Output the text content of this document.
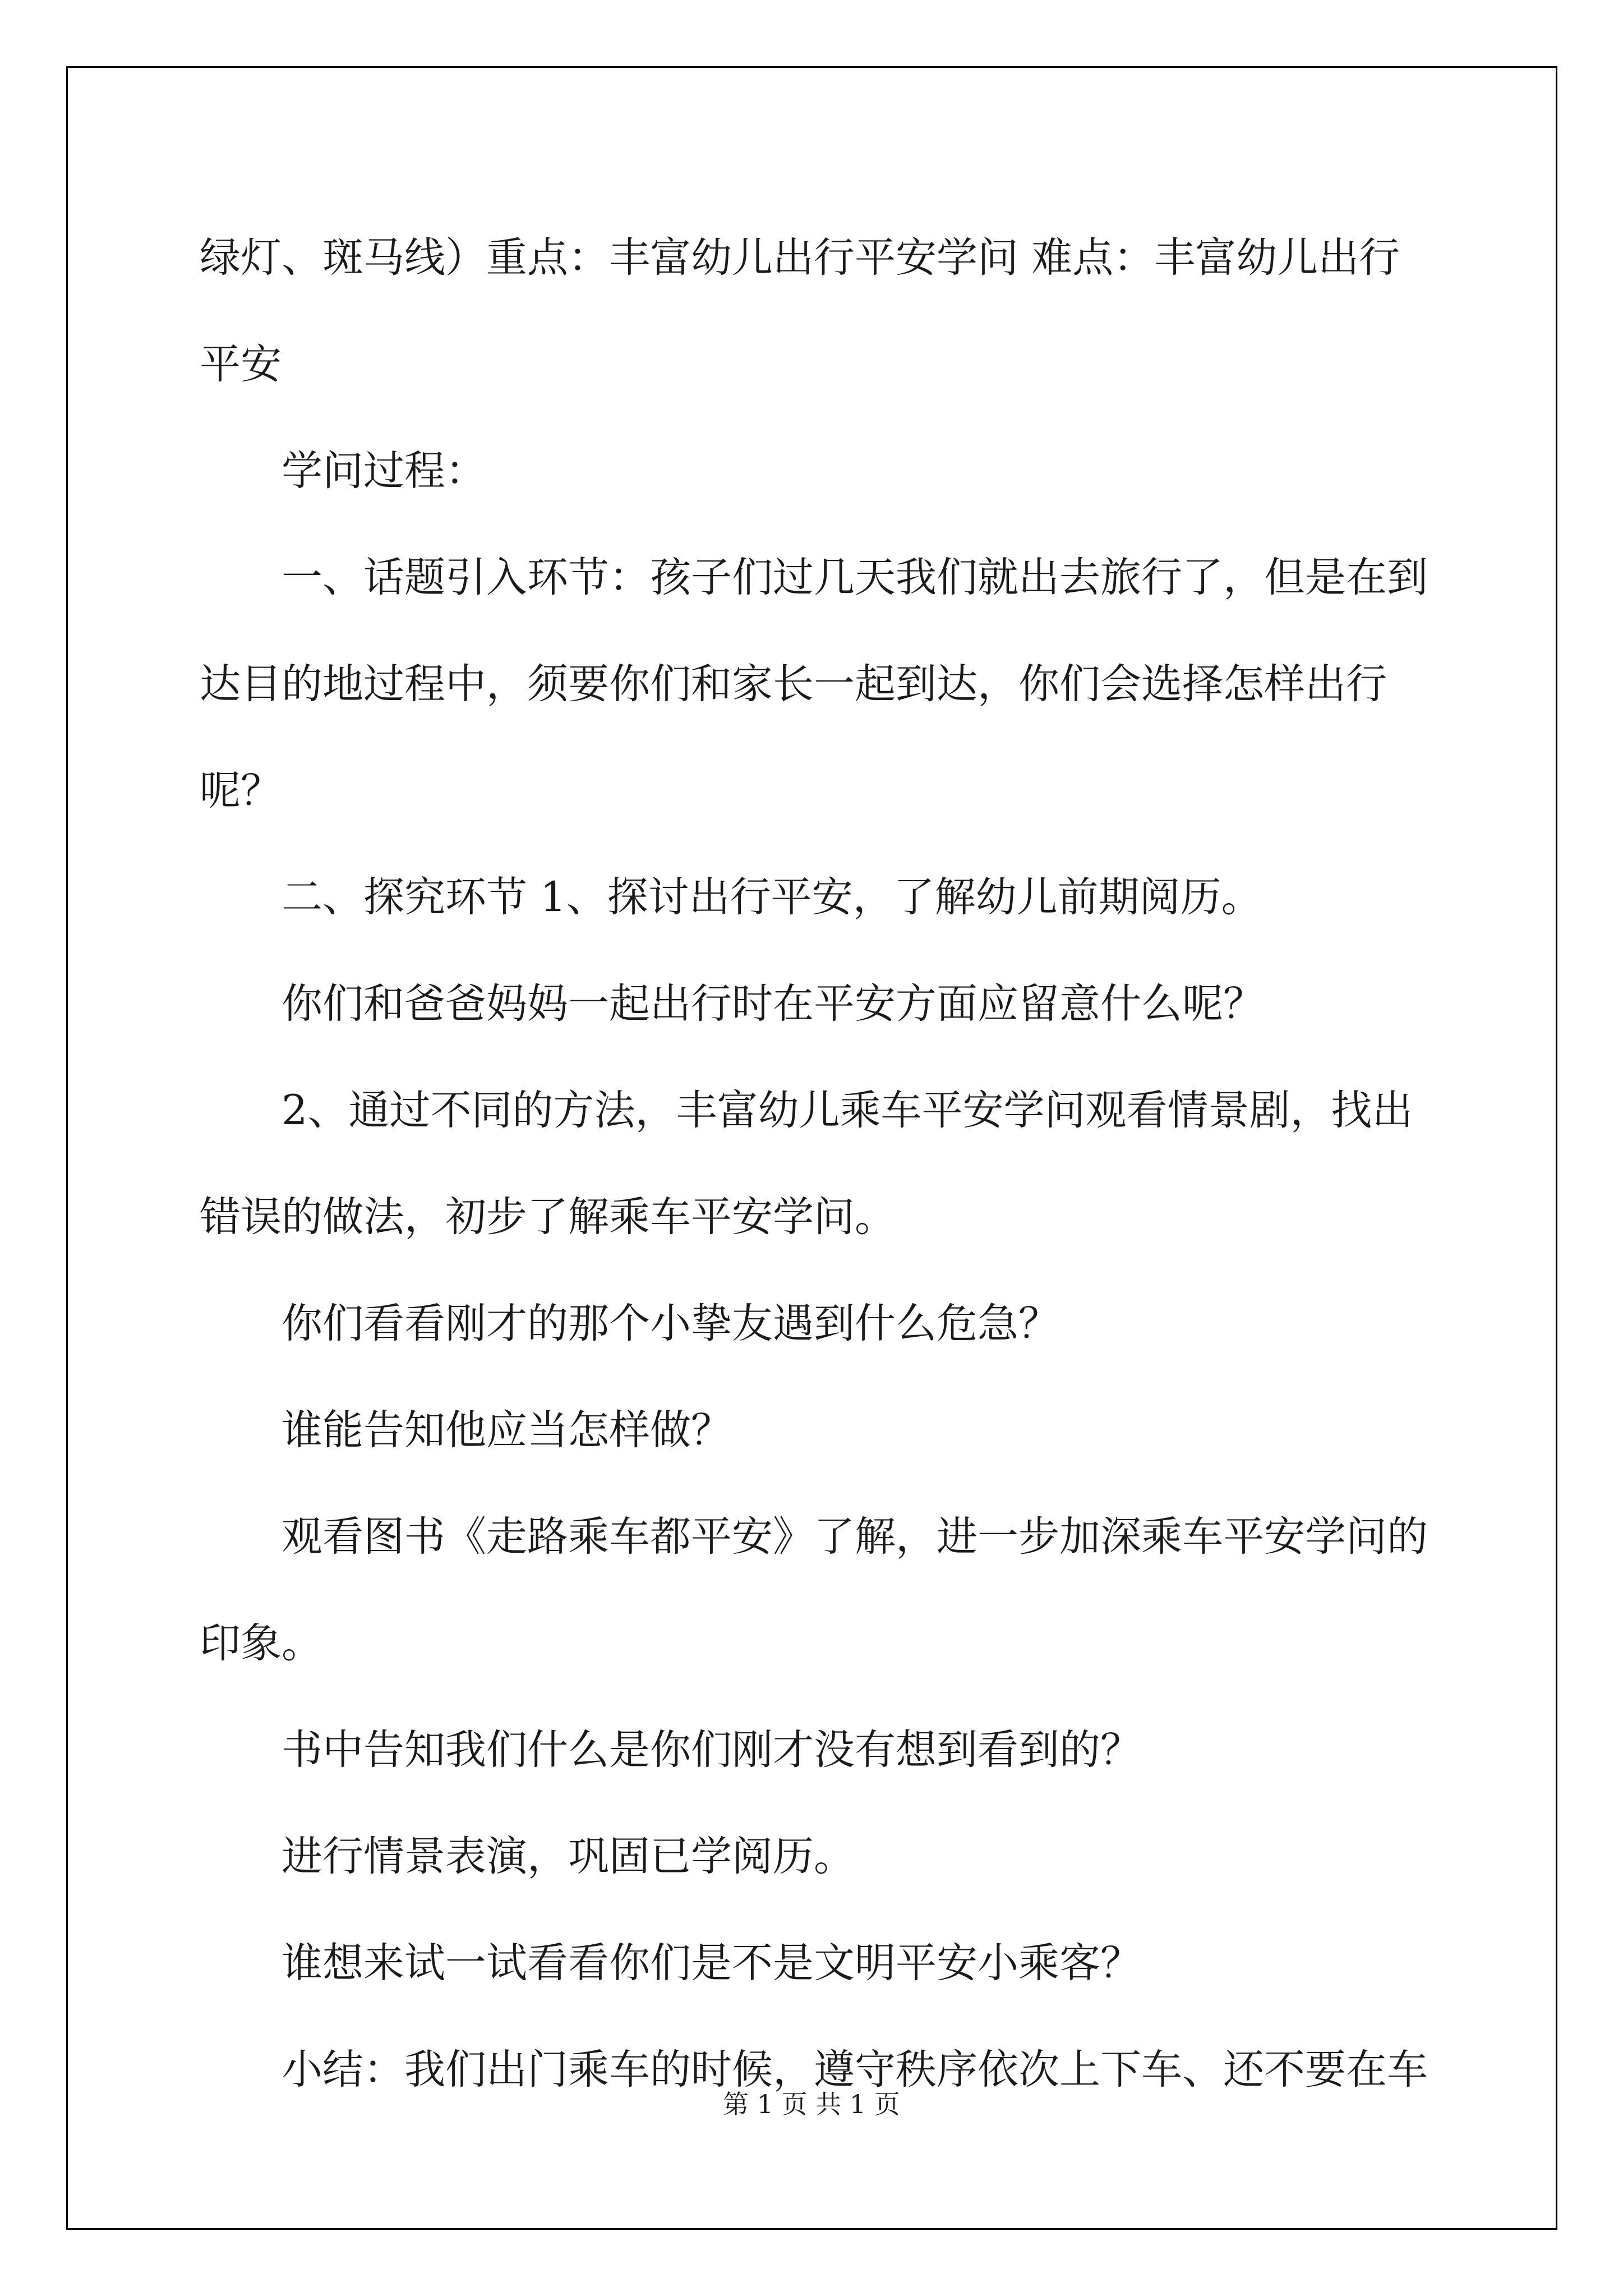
绿灯、斑马线）重点：丰富幼儿出行平安学问 难点：丰富幼儿出行平安

学问过程：

一、话题引入环节：孩子们过几天我们就出去旅行了，但是在到达目的地过程中，须要你们和家长一起到达，你们会选择怎样出行呢？

二、探究环节 1、探讨出行平安，了解幼儿前期阅历。

你们和爸爸妈妈一起出行时在平安方面应留意什么呢？

2、通过不同的方法，丰富幼儿乘车平安学问观看情景剧，找出错误的做法，初步了解乘车平安学问。

你们看看刚才的那个小挚友遇到什么危急？

谁能告知他应当怎样做？

观看图书《走路乘车都平安》了解，进一步加深乘车平安学问的印象。

书中告知我们什么是你们刚才没有想到看到的？

进行情景表演，巩固已学阅历。

谁想来试一试看看你们是不是文明平安小乘客？

小结：我们出门乘车的时候，遵守秩序依次上下车、还不要在车

第 1 页 共 1 页
